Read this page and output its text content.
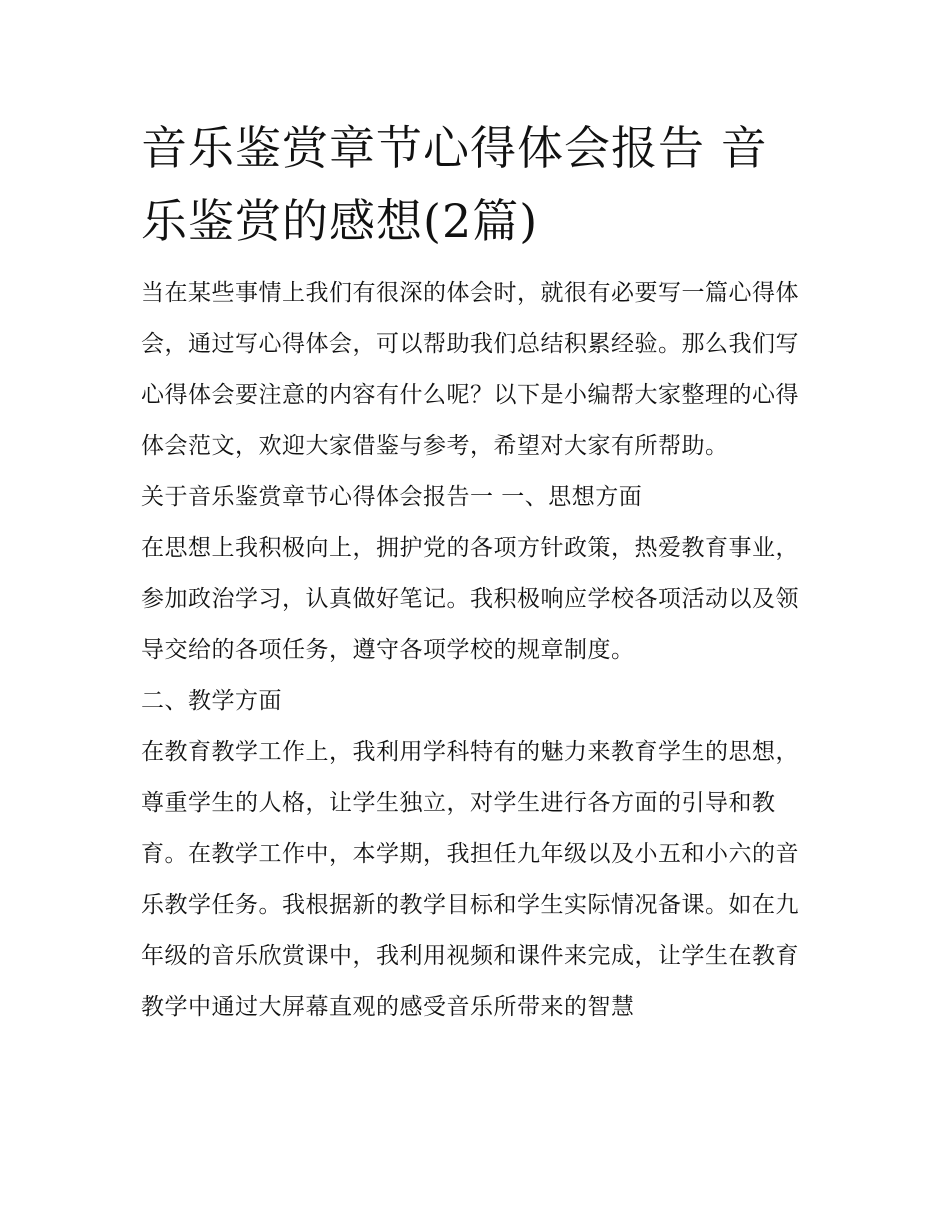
音乐鉴赏章节心得体会报告 音乐鉴赏的感想(2篇)

当在某些事情上我们有很深的体会时，就很有必要写一篇心得体会，通过写心得体会，可以帮助我们总结积累经验。那么我们写心得体会要注意的内容有什么呢？以下是小编帮大家整理的心得体会范文，欢迎大家借鉴与参考，希望对大家有所帮助。

关于音乐鉴赏章节心得体会报告一 一、思想方面

在思想上我积极向上，拥护党的各项方针政策，热爱教育事业，参加政治学习，认真做好笔记。我积极响应学校各项活动以及领导交给的各项任务，遵守各项学校的规章制度。

二、教学方面

在教育教学工作上，我利用学科特有的魅力来教育学生的思想，尊重学生的人格，让学生独立，对学生进行各方面的引导和教育。在教学工作中，本学期，我担任九年级以及小五和小六的音乐教学任务。我根据新的教学目标和学生实际情况备课。如在九年级的音乐欣赏课中，我利用视频和课件来完成，让学生在教育教学中通过大屏幕直观的感受音乐所带来的智慧
